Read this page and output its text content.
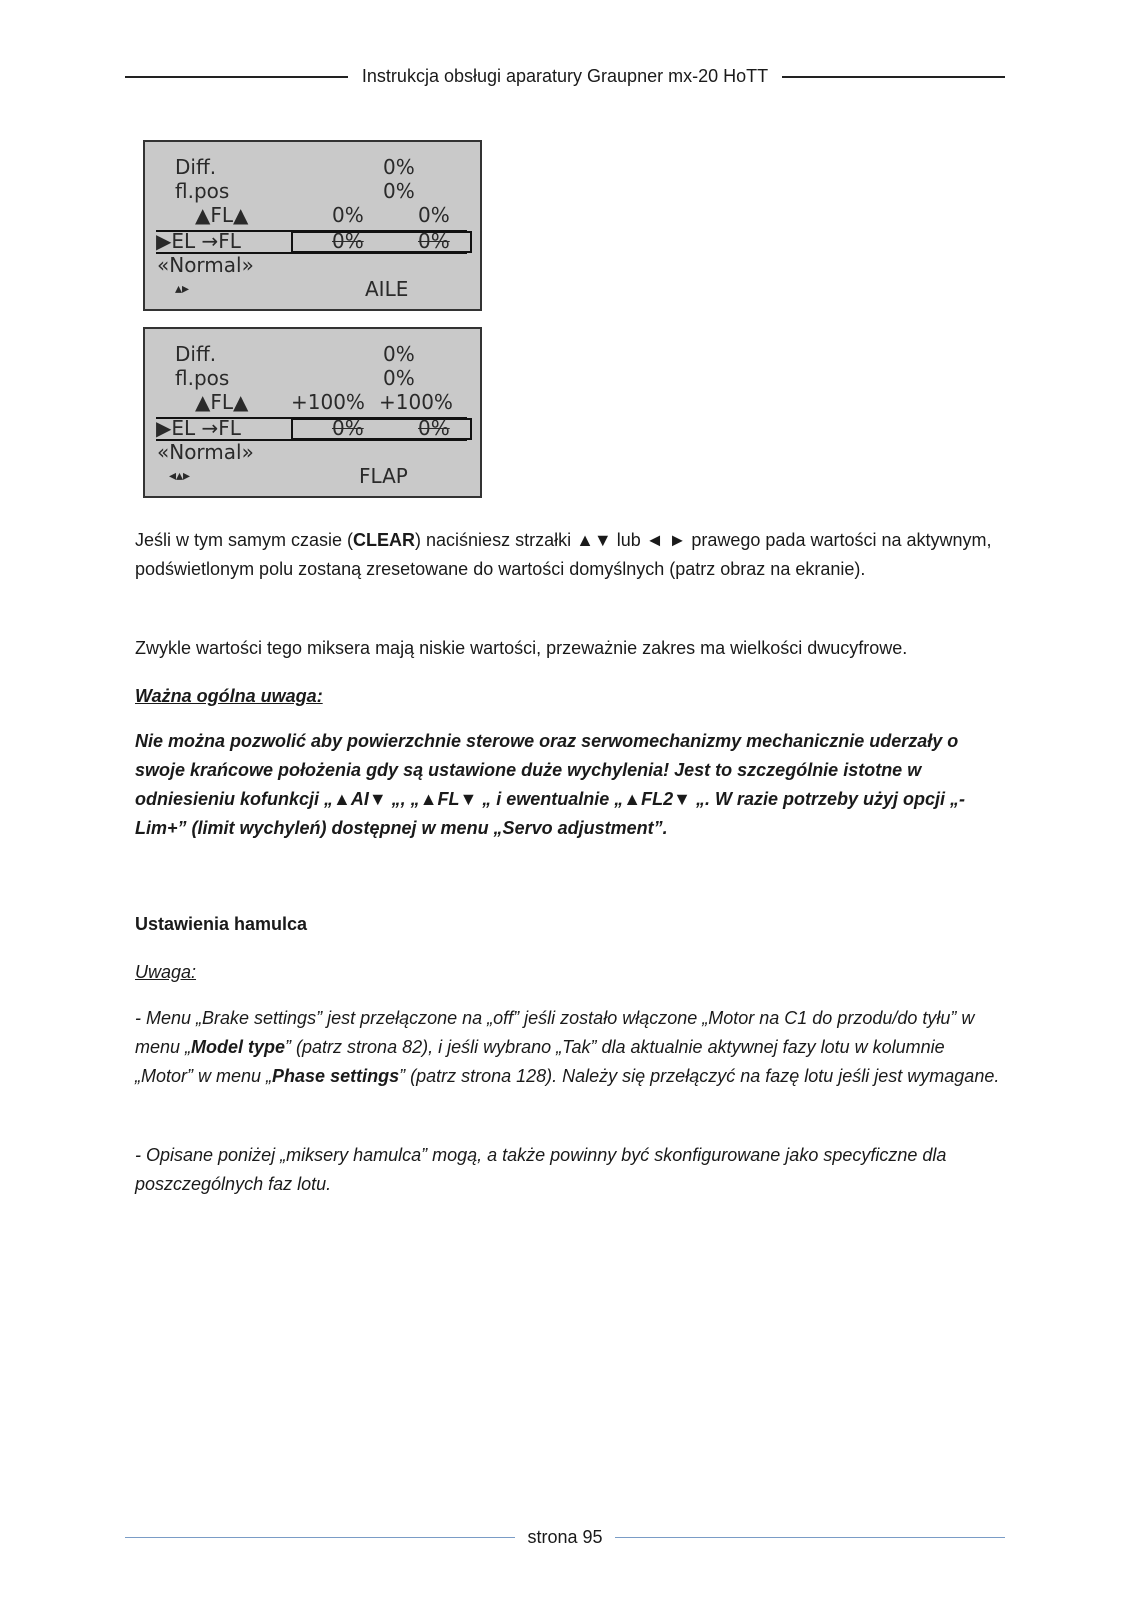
Instrukcja obsługi aparatury Graupner mx-20 HoTT
Diff.	0%
fl.pos	0%
▲FL▲	0%	0%
▶EL →FL	0%	0%
«Normal»
▴▸	AILE
Diff.	0%
fl.pos	0%
▲FL▲ +100% +100%
▶EL →FL	0%	0%
«Normal»
◂▴▸	FLAP

Jeśli w tym samym czasie (CLEAR) naciśniesz strzałki ▲▼ lub ◄ ► prawego pada wartości na aktywnym, podświetlonym polu zostaną zresetowane do wartości domyślnych (patrz obraz na ekranie).

Zwykle wartości tego miksera mają niskie wartości, przeważnie zakres ma wielkości dwucyfrowe.

Ważna ogólna uwaga:

Nie można pozwolić aby powierzchnie sterowe oraz serwomechanizmy mechanicznie uderzały o swoje krańcowe położenia gdy są ustawione duże wychylenia! Jest to szczególnie istotne w odniesieniu kofunkcji „▲AI▼ „, „▲FL▼ „ i ewentualnie „▲FL2▼ „. W razie potrzeby użyj opcji „-Lim+” (limit wychyleń) dostępnej w menu „Servo adjustment”.

Ustawienia hamulca

Uwaga:

- Menu „Brake settings” jest przełączone na „off” jeśli zostało włączone „Motor na C1 do przodu/do tyłu” w menu „Model type” (patrz strona 82), i jeśli wybrano „Tak” dla aktualnie aktywnej fazy lotu w kolumnie „Motor” w menu „Phase settings” (patrz strona 128). Należy się przełączyć na fazę lotu jeśli jest wymagane.

- Opisane poniżej „miksery hamulca” mogą, a także powinny być skonfigurowane jako specyficzne dla poszczególnych faz lotu.

strona 95
